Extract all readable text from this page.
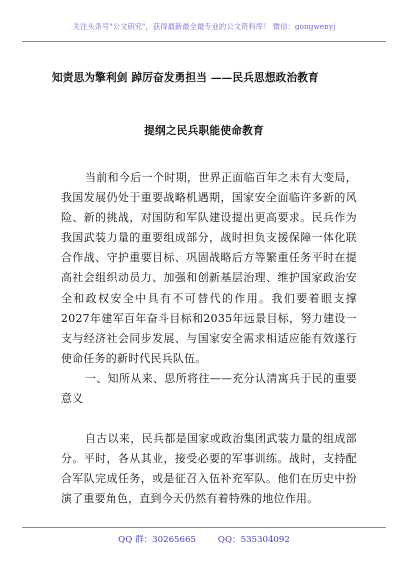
关注头条号"公文研究"，获得最新最全最专业的公文资料库！ 微信：gongwenyj
知责思为擎利剑 踔厉奋发勇担当 ——民兵思想政治教育
提纲之民兵职能使命教育

当前和今后一个时期，世界正面临百年之未有大变局，我国发展仍处于重要战略机遇期，国家安全面临许多新的风险、新的挑战，对国防和军队建设提出更高要求。民兵作为我国武装力量的重要组成部分，战时担负支援保障一体化联合作战、守护重要目标、巩固战略后方等繁重任务平时在提高社会组织动员力、加强和创新基层治理、维护国家政治安全和政权安全中具有不可替代的作用。我们要着眼支撑2027年建军百年奋斗目标和2035年远景目标，努力建设一支与经济社会同步发展、与国家安全需求相适应能有效遂行使命任务的新时代民兵队伍。

一、知所从来、思所将往——充分认清寓兵于民的重要意义

自古以来，民兵都是国家或政治集团武装力量的组成部分。平时，各从其业，接受必要的军事训练。战时，支持配合军队完成任务，或是征召入伍补充军队。他们在历史中扮演了重要角色，直到今天仍然有着特殊的地位作用。

QQ 群：30265665	QQ：535304092
